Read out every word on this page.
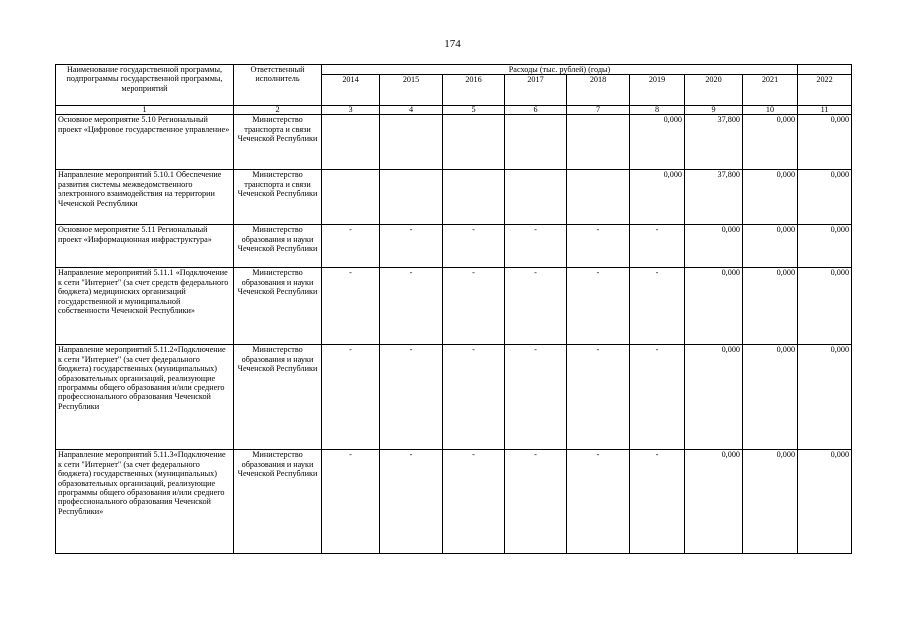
174
Наименование государственной программы, подпрограммы государственной программы, мероприятий	Ответственный исполнитель	Расходы (тыс. рублей) (годы)								
		2014	2015	2016	2017	2018	2019	2020	2021	2022
1	2	3	4	5	6	7	8	9	10	11
Основное мероприятие 5.10 Региональный проект «Цифровое государственное управление»	Министерство транспорта и связи Чеченской Республики						0,000	37,800	0,000	0,000
Направление мероприятий 5.10.1 Обеспечение развития системы межведомственного электронного взаимодействия на территории Чеченской Республики	Министерство транспорта и связи Чеченской Республики						0,000	37,800	0,000	0,000
Основное мероприятие 5.11 Региональный проект «Информационная инфраструктура»	Министерство образования и науки Чеченской Республики	-	-	-	-	-	-	0,000	0,000	0,000
Направление мероприятий 5.11.1 «Подключение к сети "Интернет" (за счет средств федерального бюджета) медицинских организаций государственной и муниципальной собственности Чеченской Республики»	Министерство образования и науки Чеченской Республики	-	-	-	-	-	-	0,000	0,000	0,000
Направление мероприятий 5.11.2«Подключение к сети "Интернет" (за счет федерального бюджета) государственных (муниципальных) образовательных организаций, реализующие программы общего образования и/или среднего профессионального образования Чеченской Республики	Министерство образования и науки Чеченской Республики	-	-	-	-	-	-	0,000	0,000	0,000
Направление мероприятий 5.11.3«Подключение к сети "Интернет" (за счет федерального бюджета) государственных (муниципальных) образовательных организаций, реализующие программы общего образования и/или среднего профессионального образования Чеченской Республики»	Министерство образования и науки Чеченской Республики	-	-	-	-	-	-	0,000	0,000	0,000
